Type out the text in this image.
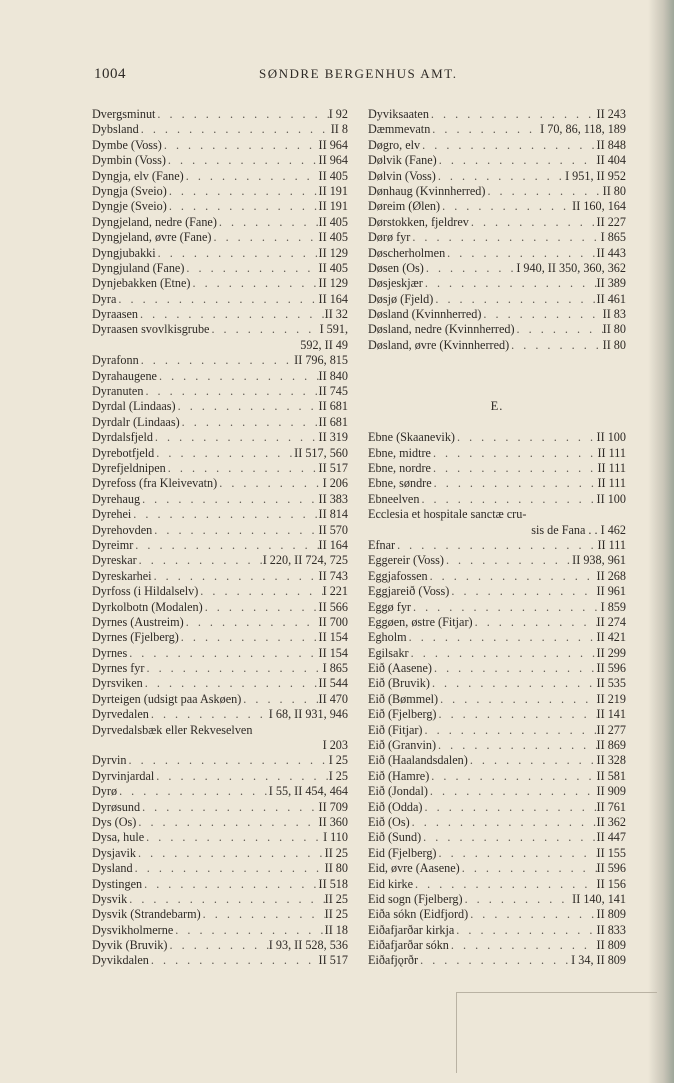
1004	SØNDRE BERGENHUS AMT.
Dvergsminut . . .	I 92
Dybsland . . .	II 8
Dymbe (Voss) . . .	II 964
Dymbin (Voss) . . .	II 964
Dyngja, elv (Fane) . . .	II 405
Dyngja (Sveio) . . .	II 191
Dyngje (Sveio) . . .	II 191
Dyngjeland, nedre (Fane) . . .	II 405
Dyngjeland, øvre (Fane) . . .	II 405
Dyngjubakki . . .	II 129
Dyngjuland (Fane) . . .	II 405
Dynjebakken (Etne) . . .	II 129
Dyra . . .	II 164
Dyraasen . . .	II 32
Dyraasen svovlkisgrube . . .	I 591,
592, II 49
Dyrafonn . . .	II 796, 815
Dyrahaugene . . .	II 840
Dyranuten . . .	II 745
Dyrdal (Lindaas) . . .	II 681
Dyrdalr (Lindaas) . . .	II 681
Dyrdalsfjeld . . .	II 319
Dyrebotfjeld . . .	II 517, 560
Dyrefjeldnipen . . .	II 517
Dyrefoss (fra Kleivevatn) . . .	I 206
Dyrehaug . . .	II 383
Dyrehei . . .	II 814
Dyrehovden . . .	II 570
Dyreimr . . .	II 164
Dyreskar . . .	I 220, II 724, 725
Dyreskarhei . . .	II 743
Dyrfoss (i Hildalselv) . . .	I 221
Dyrkolbotn (Modalen) . . .	II 566
Dyrnes (Austreim) . . .	II 700
Dyrnes (Fjelberg) . . .	II 154
Dyrnes . . .	II 154
Dyrnes fyr . . .	I 865
Dyrsviken . . .	II 544
Dyrteigen (udsigt paa Askøen) . . .	II 470
Dyrvedalen . . .	I 68, II 931, 946
Dyrvedalsbæk eller Rekveselven
I 203
Dyrvin . . .	I 25
Dyrvinjardal . . .	I 25
Dyrø . . .	I 55, II 454, 464
Dyrøsund . . .	II 709
Dys (Os) . . .	II 360
Dysa, hule . . .	I 110
Dysjavik . . .	II 25
Dysland . . .	II 80
Dystingen . . .	II 518
Dysvik . . .	II 25
Dysvik (Strandebarm) . . .	II 25
Dysvikholmerne . . .	II 18
Dyvik (Bruvik) . . .	I 93, II 528, 536
Dyvikdalen . . .	II 517
Dyviksaaten . . .	II 243
Dæmmevatn . . .	I 70, 86, 118, 189
Døgro, elv . . .	II 848
Dølvik (Fane) . . .	II 404
Dølvin (Voss) . . .	I 951, II 952
Dønhaug (Kvinnherred) . . .	II 80
Døreim (Ølen) . . .	II 160, 164
Dørstokken, fjeldrev . . .	II 227
Dørø fyr . . .	I 865
Døscherholmen . . .	II 443
Døsen (Os) . . .	I 940, II 350, 360, 362
Døsjeskjær . . .	II 389
Døsjø (Fjeld) . . .	II 461
Døsland (Kvinnherred) . . .	II 83
Døsland, nedre (Kvinnherred) . . .	II 80
Døsland, øvre (Kvinnherred) . . .	II 80
E.
Ebne (Skaanevik) . . .	II 100
Ebne, midtre . . .	II 111
Ebne, nordre . . .	II 111
Ebne, søndre . . .	II 111
Ebneelven . . .	II 100
Ecclesia et hospitale sanctæ cru-
sis de Fana . . I 462
Efnar . . .	II 111
Eggereir (Voss) . . .	II 938, 961
Eggjafossen . . .	II 268
Eggjareið (Voss) . . .	II 961
Eggø fyr . . .	I 859
Eggøen, østre (Fitjar) . . .	II 274
Egholm . . .	II 421
Egilsakr . . .	II 299
Eið (Aasene) . . .	II 596
Eið (Bruvik) . . .	II 535
Eið (Bømmel) . . .	II 219
Eið (Fjelberg) . . .	II 141
Eið (Fitjar) . . .	II 277
Eið (Granvin) . . .	II 869
Eið (Haalandsdalen) . . .	II 328
Eið (Hamre) . . .	II 581
Eið (Jondal) . . .	II 909
Eið (Odda) . . .	II 761
Eið (Os) . . .	II 362
Eið (Sund) . . .	II 447
Eid (Fjelberg) . . .	II 155
Eid, øvre (Aasene) . . .	II 596
Eid kirke . . .	II 156
Eid sogn (Fjelberg) . . .	II 140, 141
Eiða sókn (Eidfjord) . . .	II 809
Eiðafjarðar kirkja . . .	II 833
Eiðafjarðar sókn . . .	II 809
Eiðafjǫrðr . . .	I 34, II 809
